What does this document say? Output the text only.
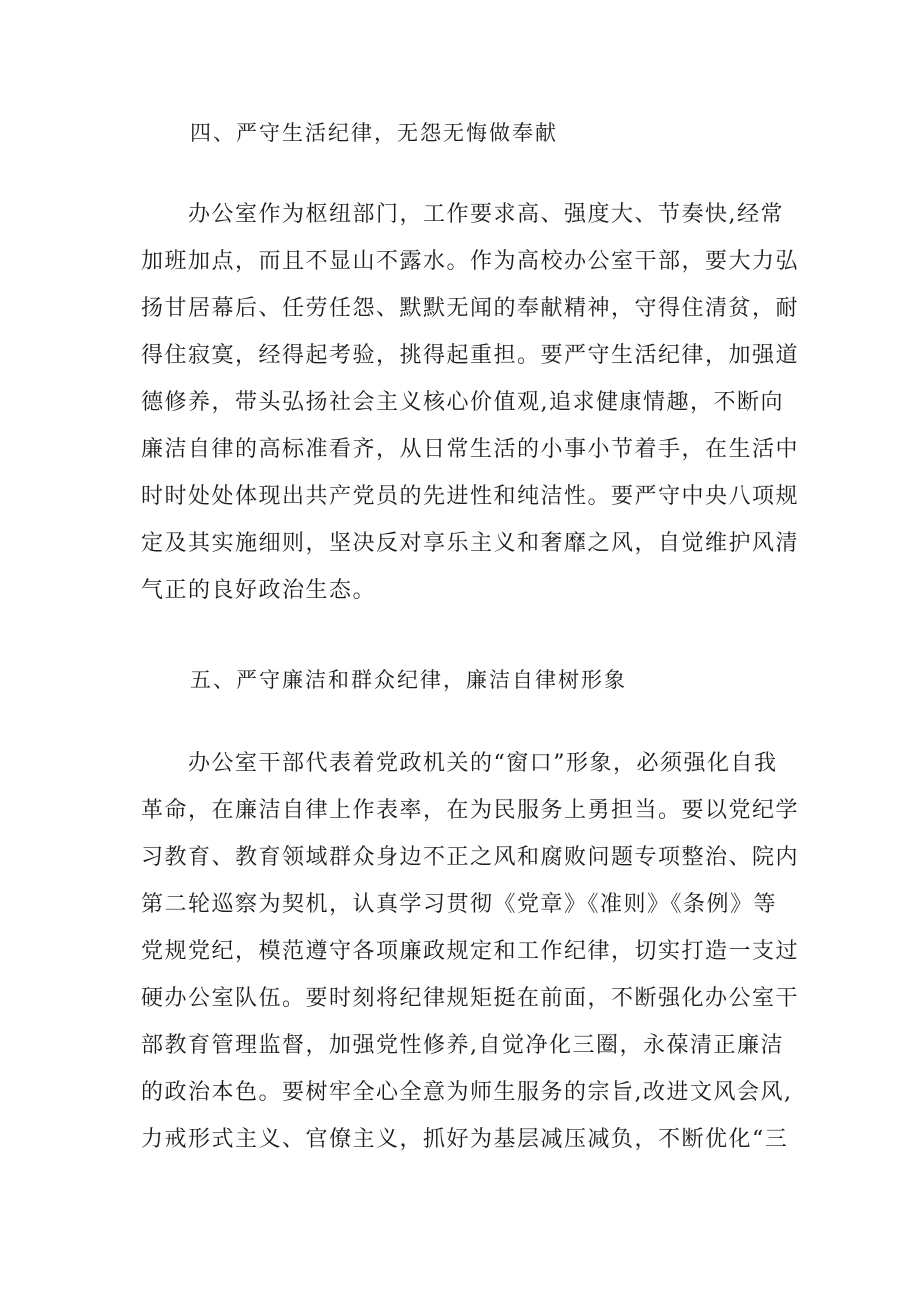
四、严守生活纪律，无怨无悔做奉献
办公室作为枢纽部门，工作要求高、强度大、节奏快,经常
加班加点，而且不显山不露水。作为高校办公室干部，要大力弘
扬甘居幕后、任劳任怨、默默无闻的奉献精神，守得住清贫，耐
得住寂寞，经得起考验，挑得起重担。要严守生活纪律，加强道
德修养，带头弘扬社会主义核心价值观,追求健康情趣，不断向
廉洁自律的高标准看齐，从日常生活的小事小节着手，在生活中
时时处处体现出共产党员的先进性和纯洁性。要严守中央八项规
定及其实施细则，坚决反对享乐主义和奢靡之风，自觉维护风清
气正的良好政治生态。
五、严守廉洁和群众纪律，廉洁自律树形象
办公室干部代表着党政机关的“窗口”形象，必须强化自我
革命，在廉洁自律上作表率，在为民服务上勇担当。要以党纪学
习教育、教育领域群众身边不正之风和腐败问题专项整治、院内
第二轮巡察为契机，认真学习贯彻《党章》《准则》《条例》等
党规党纪，模范遵守各项廉政规定和工作纪律，切实打造一支过
硬办公室队伍。要时刻将纪律规矩挺在前面，不断强化办公室干
部教育管理监督，加强党性修养,自觉净化三圈，永葆清正廉洁
的政治本色。要树牢全心全意为师生服务的宗旨,改进文风会风,
力戒形式主义、官僚主义，抓好为基层减压减负，不断优化“三
